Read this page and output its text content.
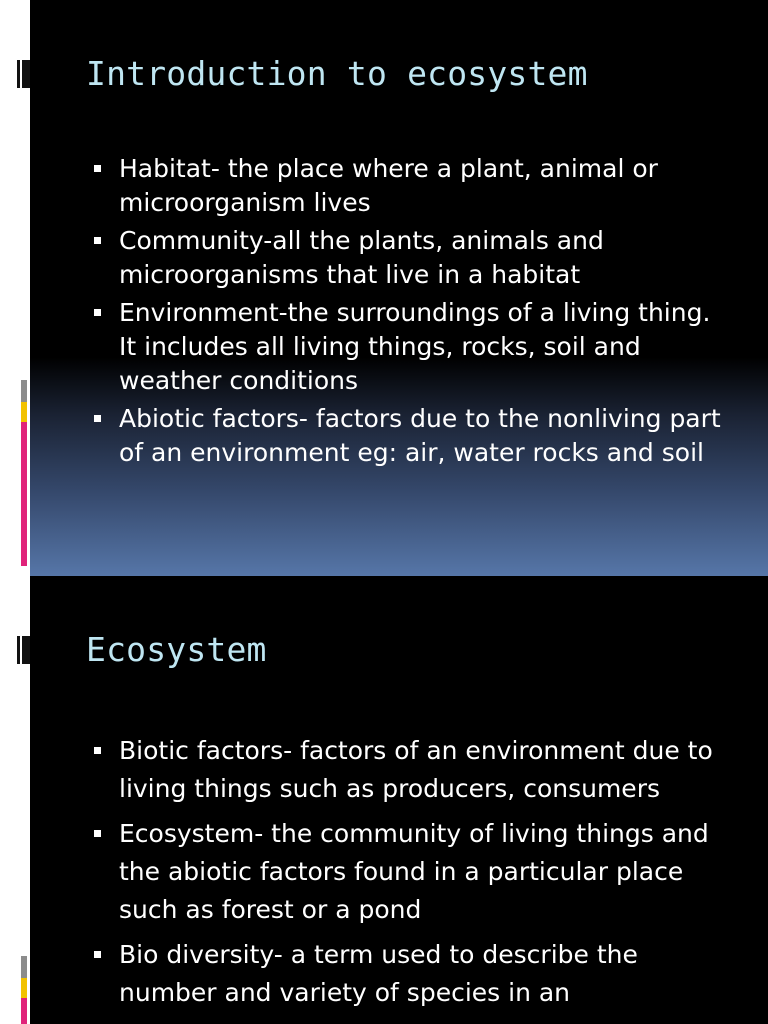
Introduction to ecosystem
Habitat- the place where a plant, animal or microorganism lives
Community-all the plants, animals and microorganisms that live in a habitat
Environment-the surroundings of a living thing. It includes all living things, rocks, soil and weather conditions
Abiotic factors- factors due to the nonliving part of an environment eg: air, water rocks and soil
Ecosystem
Biotic factors- factors of an environment due to living things such as producers, consumers
Ecosystem- the community of living things and the abiotic factors found in a particular place such as forest or a pond
Bio diversity- a term used to describe the number and variety of species in an
